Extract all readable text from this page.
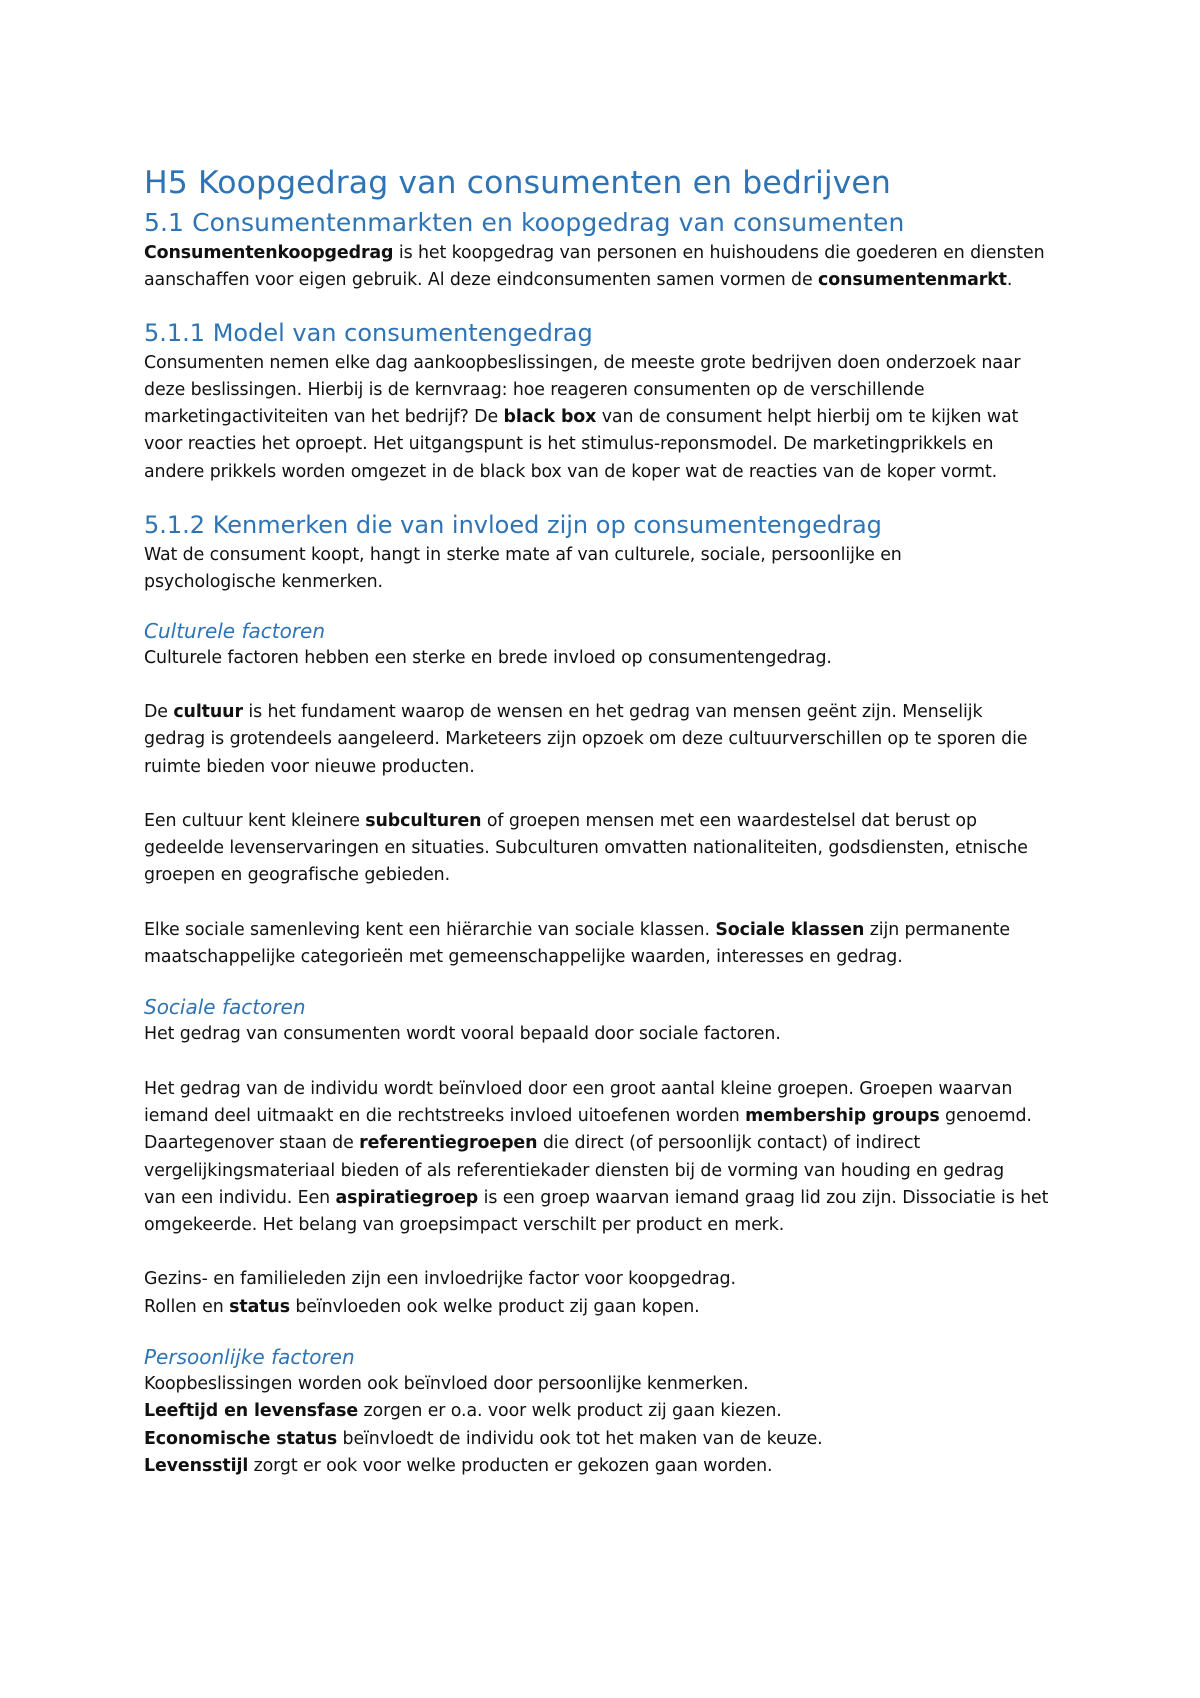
H5 Koopgedrag van consumenten en bedrijven
5.1 Consumentenmarkten en koopgedrag van consumenten

Consumentenkoopgedrag is het koopgedrag van personen en huishoudens die goederen en diensten
aanschaffen voor eigen gebruik. Al deze eindconsumenten samen vormen de consumentenmarkt.

5.1.1 Model van consumentengedrag

Consumenten nemen elke dag aankoopbeslissingen, de meeste grote bedrijven doen onderzoek naar
deze beslissingen. Hierbij is de kernvraag: hoe reageren consumenten op de verschillende
marketingactiviteiten van het bedrijf? De black box van de consument helpt hierbij om te kijken wat
voor reacties het oproept. Het uitgangspunt is het stimulus-reponsmodel. De marketingprikkels en
andere prikkels worden omgezet in de black box van de koper wat de reacties van de koper vormt.

5.1.2 Kenmerken die van invloed zijn op consumentengedrag

Wat de consument koopt, hangt in sterke mate af van culturele, sociale, persoonlijke en
psychologische kenmerken.

Culturele factoren

Culturele factoren hebben een sterke en brede invloed op consumentengedrag.

De cultuur is het fundament waarop de wensen en het gedrag van mensen geënt zijn. Menselijk
gedrag is grotendeels aangeleerd. Marketeers zijn opzoek om deze cultuurverschillen op te sporen die
ruimte bieden voor nieuwe producten.

Een cultuur kent kleinere subculturen of groepen mensen met een waardestelsel dat berust op
gedeelde levenservaringen en situaties. Subculturen omvatten nationaliteiten, godsdiensten, etnische
groepen en geografische gebieden.

Elke sociale samenleving kent een hiërarchie van sociale klassen. Sociale klassen zijn permanente
maatschappelijke categorieën met gemeenschappelijke waarden, interesses en gedrag.

Sociale factoren

Het gedrag van consumenten wordt vooral bepaald door sociale factoren.

Het gedrag van de individu wordt beïnvloed door een groot aantal kleine groepen. Groepen waarvan
iemand deel uitmaakt en die rechtstreeks invloed uitoefenen worden membership groups genoemd.
Daartegenover staan de referentiegroepen die direct (of persoonlijk contact) of indirect
vergelijkingsmateriaal bieden of als referentiekader diensten bij de vorming van houding en gedrag
van een individu. Een aspiratiegroep is een groep waarvan iemand graag lid zou zijn. Dissociatie is het
omgekeerde. Het belang van groepsimpact verschilt per product en merk.

Gezins- en familieleden zijn een invloedrijke factor voor koopgedrag.
Rollen en status beïnvloeden ook welke product zij gaan kopen.

Persoonlijke factoren

Koopbeslissingen worden ook beïnvloed door persoonlijke kenmerken.
Leeftijd en levensfase zorgen er o.a. voor welk product zij gaan kiezen.
Economische status beïnvloedt de individu ook tot het maken van de keuze.
Levensstijl zorgt er ook voor welke producten er gekozen gaan worden.
